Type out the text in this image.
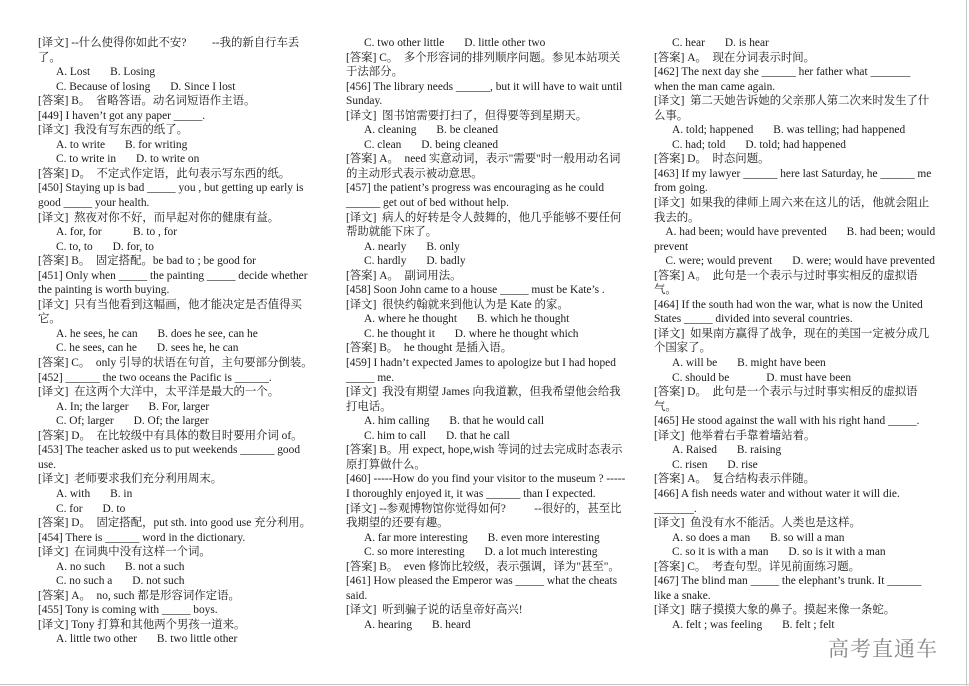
[译文] --什么使得你如此不安?         --我的新自行车丢了。
A. Lost       B. Losing
C. Because of losing       D. Since I lost
[答案] B。  省略答语。动名词短语作主语。
[449] I haven’t got any paper _____.
[译文]  我没有写东西的纸了。
A. to write       B. for writing
C. to write in       D. to write on
[答案] D。  不定式作定语，此句表示写东西的纸。
[450] Staying up is bad _____ you , but getting up early is good _____ your health.
[译文]  熬夜对你不好，而早起对你的健康有益。
A. for, for           B. to , for
C. to, to       D. for, to
[答案] B。  固定搭配。be bad to ; be good for
[451] Only when _____ the painting _____ decide whether the painting is worth buying.
[译文]  只有当他看到这幅画，他才能决定是否值得买它。
A. he sees, he can       B. does he see, can he
C. he sees, can he       D. sees he, he can
[答案] C。  only 引导的状语在句首，主句要部分倒装。
[452] ______ the two oceans the Pacific is ______.
[译文]  在这两个大洋中，太平洋是最大的一个。
A. In; the larger       B. For, larger
C. Of; larger       D. Of; the larger
[答案] D。  在比较级中有具体的数目时要用介词 of。
[453] The teacher asked us to put weekends ______ good use.
[译文]  老师要求我们充分利用周末。
A. with       B. in
C. for       D. to
[答案] D。  固定搭配，put sth. into good use 充分利用。
[454] There is ______ word in the dictionary.
[译文]  在词典中没有这样一个词。
A. no such       B. not a such
C. no such a       D. not such
[答案] A。  no, such 都是形容词作定语。
[455] Tony is coming with _____ boys.
[译文] Tony 打算和其他两个男孩一道来。
A. little two other       B. two little other
C. two other little       D. little other two
[答案] C。  多个形容词的排列顺序问题。参见本站项关于法部分。
[456] The library needs ______, but it will have to wait until Sunday.
[译文]  图书馆需要打扫了，但得要等到星期天。
A. cleaning       B. be cleaned
C. clean       D. being cleaned
[答案] A。  need 实意动词，表示"需要"时一般用动名词的主动形式表示被动意思。
[457] the patient’s progress was encouraging as he could ______ get out of bed without help.
[译文]  病人的好转是令人鼓舞的，他几乎能够不要任何帮助就能下床了。
A. nearly       B. only
C. hardly       D. badly
[答案] A。  副词用法。
[458] Soon John came to a house _____ must be Kate’s .
[译文]  很快约翰就来到他认为是 Kate 的家。
A. where he thought       B. which he thought
C. he thought it       D. where he thought which
[答案] B。  he thought 是插入语。
[459] I hadn’t expected James to apologize but I had hoped _____ me.
[译文]  我没有期望 James 向我道歉，但我希望他会给我打电话。
A. him calling       B. that he would call
C. him to call       D. that he call
[答案] B。用 expect, hope,wish 等词的过去完成时态表示原打算做什么。
[460] -----How do you find your visitor to the museum ? -----I thoroughly enjoyed it, it was ______ than I expected.
[译文] --参观博物馆你觉得如何?          --很好的，甚至比我期望的还要有趣。
A. far more interesting       B. even more interesting
C. so more interesting       D. a lot much interesting
[答案] B。  even 修饰比较级，表示强调，译为"甚至"。
[461] How pleased the Emperor was _____ what the cheats said.
[译文]  听到骗子说的话皇帝好高兴!
A. hearing       B. heard
C. hear       D. is hear
[答案] A。  现在分词表示时间。
[462] The next day she ______ her father what _______ when the man came again.
[译文]  第二天她告诉她的父亲那人第二次来时发生了什么事。
A. told; happened       B. was telling; had happened
C. had; told       D. told; had happened
[答案] D。  时态问题。
[463] If my lawyer ______ here last Saturday, he ______ me from going.
[译文]  如果我的律师上周六来在这儿的话，他就会阻止我去的。
A. had been; would have prevented       B. had been; would prevent
C. were; would prevent       D. were; would have prevented
[答案] A。  此句是一个表示与过时事实相反的虚拟语气。
[464] If the south had won the war, what is now the United States _____ divided into several countries.
[译文]  如果南方赢得了战争，现在的美国一定被分成几个国家了。
A. will be       B. might have been
C. should be             D. must have been
[答案] D。  此句是一个表示与过时事实相反的虚拟语气。
[465] He stood against the wall with his right hand _____.
[译文]  他举着右手靠着墙站着。
A. Raised       B. raising
C. risen       D. rise
[答案] A。  复合结构表示伴随。
[466] A fish needs water and without water it will die. _______.
[译文]  鱼没有水不能活。人类也是这样。
A. so does a man       B. so will a man
C. so it is with a man       D. so is it with a man
[答案] C。  考查句型。详见前面练习题。
[467] The blind man _____ the elephant’s trunk. It ______ like a snake.
[译文]  瞎子摸摸大象的鼻子。摸起来像一条蛇。
A. felt ; was feeling       B. felt ; felt
高考直通车
